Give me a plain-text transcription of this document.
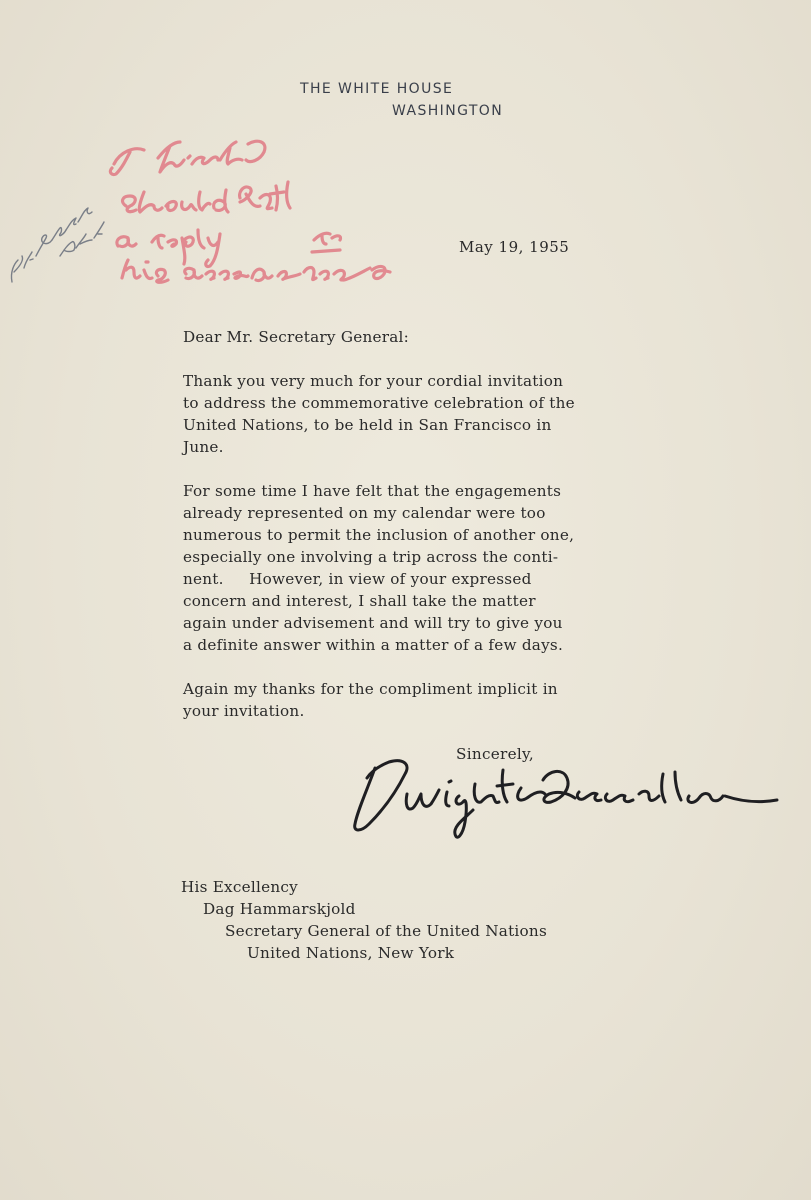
THE WHITE HOUSE
WASHINGTON
May 19, 1955

Dear Mr. Secretary General:

Thank you very much for your cordial invitation
to address the commemorative celebration of the
United Nations, to be held in San Francisco in
June.

For some time I have felt that the engagements
already represented on my calendar were too
numerous to permit the inclusion of another one,
especially one involving a trip across the conti-
nent.     However, in view of your expressed
concern and interest, I shall take the matter
again under advisement and will try to give you
a definite answer within a matter of a few days.

Again my thanks for the compliment implicit in
your invitation.

Sincerely,
His Excellency
Dag Hammarskjold
Secretary General of the United Nations
United Nations, New York
